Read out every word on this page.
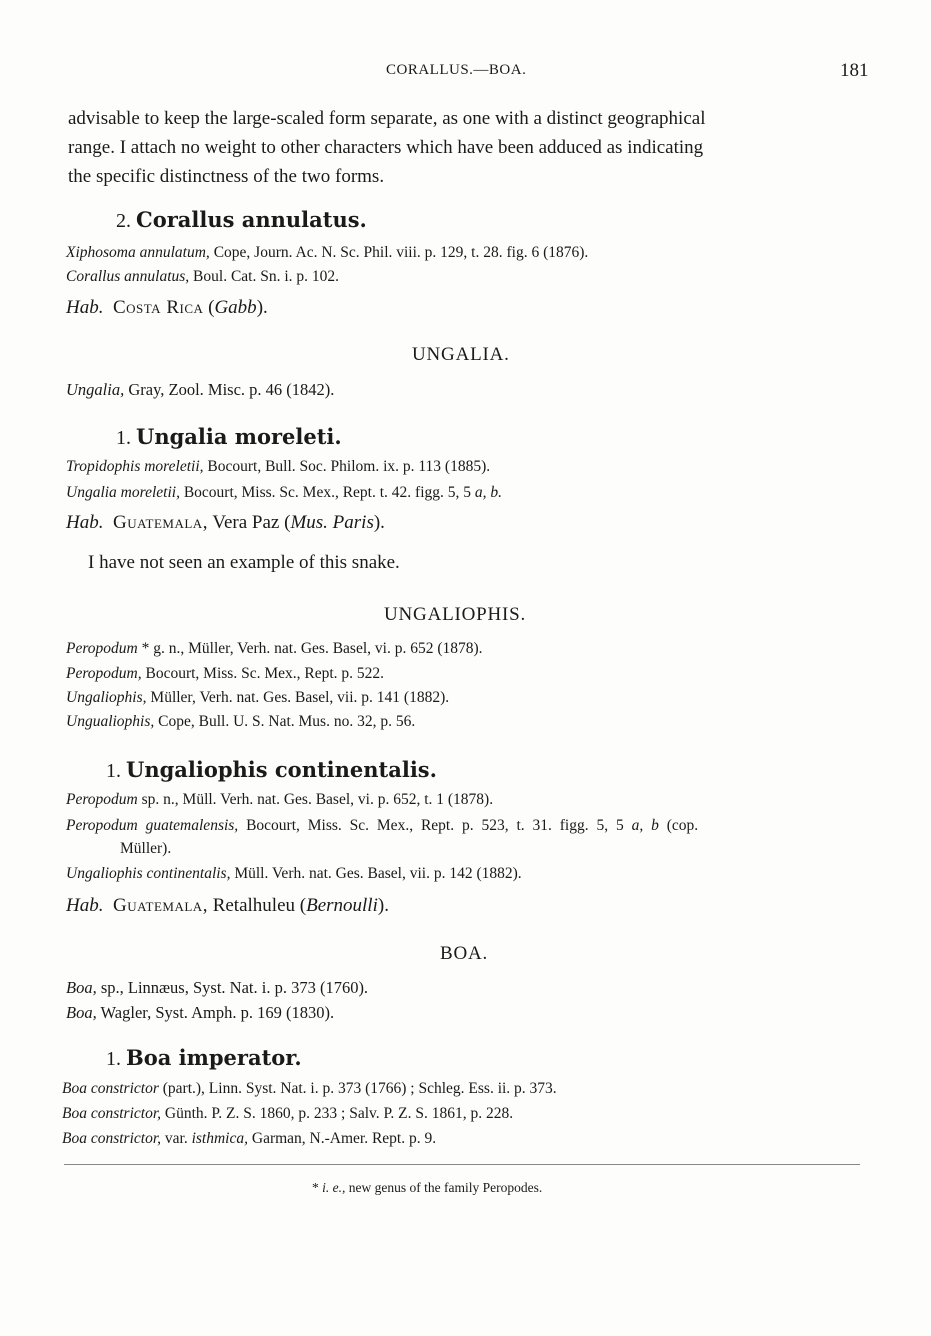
CORALLUS.—BOA.	181
advisable to keep the large-scaled form separate, as one with a distinct geographical
range. I attach no weight to other characters which have been adduced as indicating
the specific distinctness of the two forms.
2. Corallus annulatus.
Xiphosoma annulatum, Cope, Journ. Ac. N. Sc. Phil. viii. p. 129, t. 28. fig. 6 (1876).
Corallus annulatus, Boul. Cat. Sn. i. p. 102.
Hab. Costa Rica (Gabb).
UNGALIA.
Ungalia, Gray, Zool. Misc. p. 46 (1842).
1. Ungalia moreleti.
Tropidophis moreletii, Bocourt, Bull. Soc. Philom. ix. p. 113 (1885).
Ungalia moreletii, Bocourt, Miss. Sc. Mex., Rept. t. 42. figg. 5, 5 a, b.
Hab. Guatemala, Vera Paz (Mus. Paris).
I have not seen an example of this snake.
UNGALIOPHIS.
Peropodum * g. n., Müller, Verh. nat. Ges. Basel, vi. p. 652 (1878).
Peropodum, Bocourt, Miss. Sc. Mex., Rept. p. 522.
Ungaliophis, Müller, Verh. nat. Ges. Basel, vii. p. 141 (1882).
Ungualiophis, Cope, Bull. U. S. Nat. Mus. no. 32, p. 56.
1. Ungaliophis continentalis.
Peropodum sp. n., Müll. Verh. nat. Ges. Basel, vi. p. 652, t. 1 (1878).
Peropodum guatemalensis, Bocourt, Miss. Sc. Mex., Rept. p. 523, t. 31. figg. 5, 5 a, b (cop.
Müller).
Ungaliophis continentalis, Müll. Verh. nat. Ges. Basel, vii. p. 142 (1882).
Hab. Guatemala, Retalhuleu (Bernoulli).
BOA.
Boa, sp., Linnæus, Syst. Nat. i. p. 373 (1760).
Boa, Wagler, Syst. Amph. p. 169 (1830).
1. Boa imperator.
Boa constrictor (part.), Linn. Syst. Nat. i. p. 373 (1766) ; Schleg. Ess. ii. p. 373.
Boa constrictor, Günth. P. Z. S. 1860, p. 233 ; Salv. P. Z. S. 1861, p. 228.
Boa constrictor, var. isthmica, Garman, N.-Amer. Rept. p. 9.
* i. e., new genus of the family Peropodes.
